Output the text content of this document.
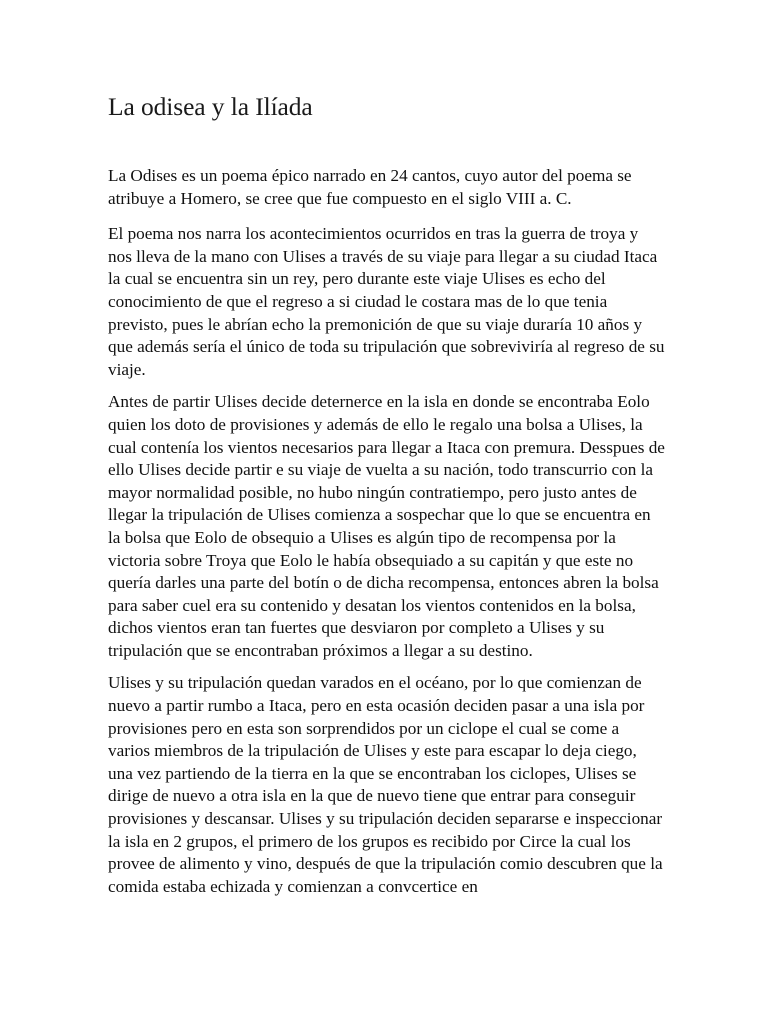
La odisea y la Ilíada

La Odises es un poema épico narrado en 24 cantos, cuyo autor del poema se atribuye a Homero, se cree que fue compuesto en el siglo VIII a. C.

El poema nos narra los acontecimientos ocurridos en tras la guerra de troya y nos lleva de la mano con Ulises a través de su viaje para llegar a su ciudad Itaca la cual se encuentra sin un rey, pero durante este viaje Ulises es echo del conocimiento de que el regreso a si ciudad le costara mas de lo que tenia previsto, pues le abrían echo la premonición de que su viaje duraría 10 años y que además sería el único de toda su tripulación que sobreviviría al regreso de su viaje.

Antes de partir Ulises decide deternerce en la isla en donde se encontraba Eolo quien los doto de provisiones y además de ello le regalo una bolsa a Ulises, la cual contenía los vientos necesarios para llegar a Itaca con premura. Desspues de ello Ulises decide partir e su viaje de vuelta a su nación, todo transcurrio con la mayor normalidad posible, no hubo ningún contratiempo, pero justo antes de llegar la tripulación de Ulises comienza a sospechar que lo que se encuentra en la bolsa que Eolo de obsequio a Ulises es algún tipo de recompensa por la victoria sobre Troya que Eolo le había obsequiado a su capitán y que este no quería darles una parte del botín o de dicha recompensa, entonces abren la bolsa para saber cuel era su contenido y desatan los vientos contenidos en la bolsa, dichos vientos eran tan fuertes que desviaron por completo a Ulises y su tripulación que se encontraban próximos a llegar a su destino.

Ulises y su tripulación quedan varados en el océano, por lo que comienzan de nuevo a partir rumbo a Itaca, pero en esta ocasión deciden pasar a una isla por provisiones pero en esta son sorprendidos por un ciclope el cual se come a varios miembros de la tripulación de Ulises y este para escapar lo deja ciego, una vez partiendo de la tierra en la que se encontraban los ciclopes, Ulises se dirige de nuevo a otra isla en la que de nuevo tiene que entrar para conseguir provisiones y descansar. Ulises y su tripulación deciden separarse e inspeccionar la isla en 2 grupos, el primero de los grupos es recibido por Circe la cual los provee de alimento y vino, después de que la tripulación comio descubren que la comida estaba echizada y comienzan a convcertice en
